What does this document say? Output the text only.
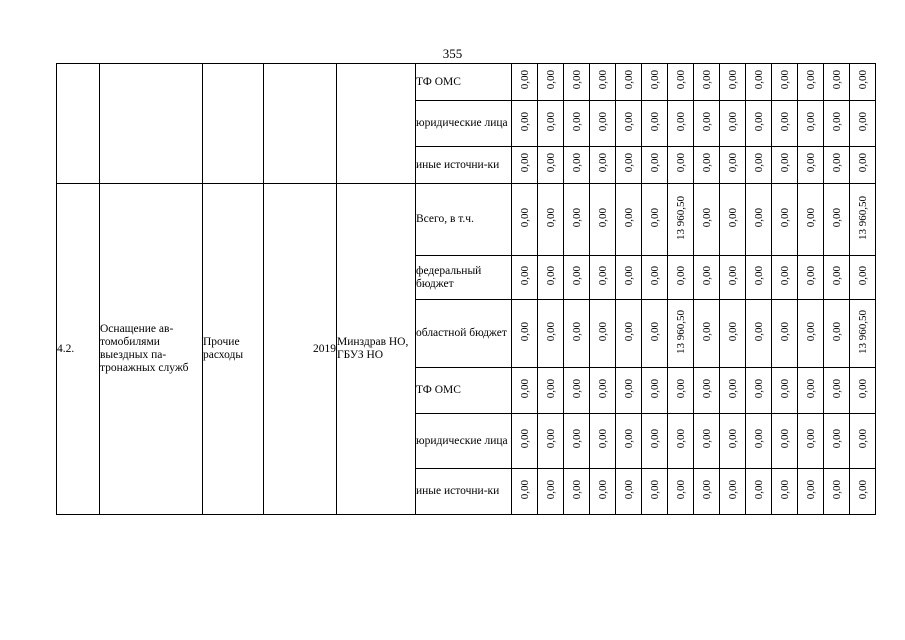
355
					ТФ ОМС	0,00	0,00	0,00	0,00	0,00	0,00	0,00	0,00	0,00	0,00	0,00	0,00	0,00	0,00
					юридические лица	0,00	0,00	0,00	0,00	0,00	0,00	0,00	0,00	0,00	0,00	0,00	0,00	0,00	0,00
					иные источни-ки	0,00	0,00	0,00	0,00	0,00	0,00	0,00	0,00	0,00	0,00	0,00	0,00	0,00	0,00
4.2.	Оснащение ав-томобилями выездных па-тронажных служб	Прочие расходы	2019	Минздрав НО, ГБУЗ НО	Всего, в т.ч.	0,00	0,00	0,00	0,00	0,00	0,00	13 960,50	0,00	0,00	0,00	0,00	0,00	0,00	13 960,50
					федеральный бюджет	0,00	0,00	0,00	0,00	0,00	0,00	0,00	0,00	0,00	0,00	0,00	0,00	0,00	0,00
					областной бюджет	0,00	0,00	0,00	0,00	0,00	0,00	13 960,50	0,00	0,00	0,00	0,00	0,00	0,00	13 960,50
					ТФ ОМС	0,00	0,00	0,00	0,00	0,00	0,00	0,00	0,00	0,00	0,00	0,00	0,00	0,00	0,00
					юридические лица	0,00	0,00	0,00	0,00	0,00	0,00	0,00	0,00	0,00	0,00	0,00	0,00	0,00	0,00
					иные источни-ки	0,00	0,00	0,00	0,00	0,00	0,00	0,00	0,00	0,00	0,00	0,00	0,00	0,00	0,00
